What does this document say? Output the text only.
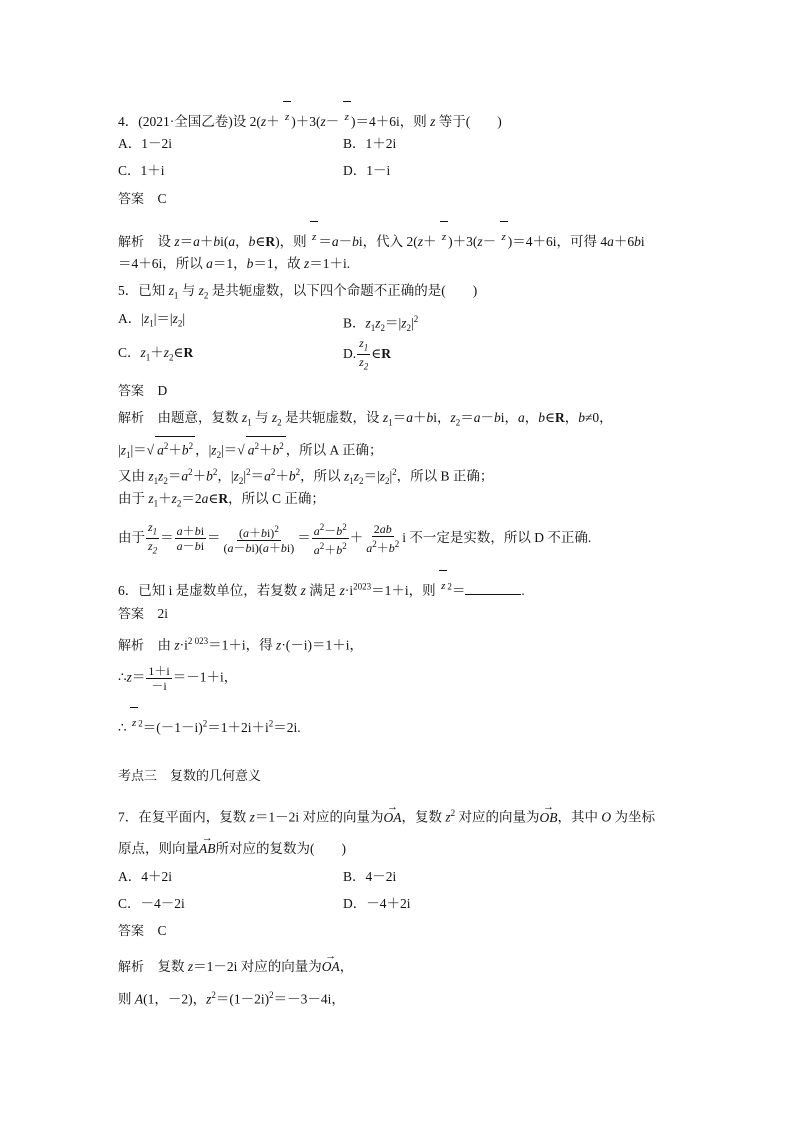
4．(2021·全国乙卷)设 2(z＋ z )＋3(z－ z )＝4＋6i，则 z 等于(　　)
A．1－2i	B．1＋2i
C．1＋i	D．1－i
答案　 C
解析　设 z＝a＋bi(a，b∈R)，则 z ＝a－bi，代入 2(z＋ z )＋3(z－ z )＝4＋6i，可得 4a＋6bi
＝4＋6i，所以 a＝1，b＝1，故 z＝1＋i.
5．已知 $z_1$ 与 $z_2$ 是共轭虚数，以下四个命题不正确的是(　　)
A．$|z_1|=|z_2|$	B．$z_1z_2=|z_2|^2$
C．$z_1+z_2\in R$	D. $\frac{z_1}{z_2}$ ∈R
答案　 D
解析　由题意，复数 $z_1$ 与 $z_2$ 是共轭虚数，设 $z_1=a+bi$，$z_2=a-bi$，a，b∈R，b≠0，
$|z_1|=√$ $a^2+b^2$ ，$|z_2|=√$ $a^2+b^2$ ，所以 A 正确；
又由 $z_1z_2=a^2+b^2$，$|z_2|^2=a^2+b^2$，所以 $z_1z_2=|z_2|^2$，所以 B 正确；
由于 $z_1+z_2=2a\in R$，所以 C 正确；
由于 $\frac{z_1}{z_2} = \frac{a+bi}{a-bi} = \frac{(a+bi)^2}{(a-bi)(a+bi)} = \frac{a^2-b^2}{a^2+b^2} + \frac{2ab}{a^2+b^2}$ i 不一定是实数，所以 D 不正确.
6．已知 i 是虚数单位，若复数 z 满足 $z\cdot i^{2023}=1+i$，则 z $^2$＝	.
答案　 2i
解析　由 $z\cdot i^{2 023}=1+i$，得 z·(－i)＝1＋i，
∴z＝ $\frac{1+i}{-i} =-1+i$，
∴ z $^2=(-1-i)^2=1+2i+i^2=2i$.
考点三　复数的几何意义
7．在复平面内，复数 z＝1－2i 对应的向量为→ OA，复数 $z^2$ 对应的向量为→ OB，其中 O 为坐标
原点，则向量→ AB所对应的复数为(　　)
A．4＋2i	B．4－2i
C．－4－2i	D．－4＋2i
答案　 C
解析　复数 z＝1－2i 对应的向量为→ OA，
则 A(1，－2)，$z^2=(1-2i)^2=-3-4i$，
